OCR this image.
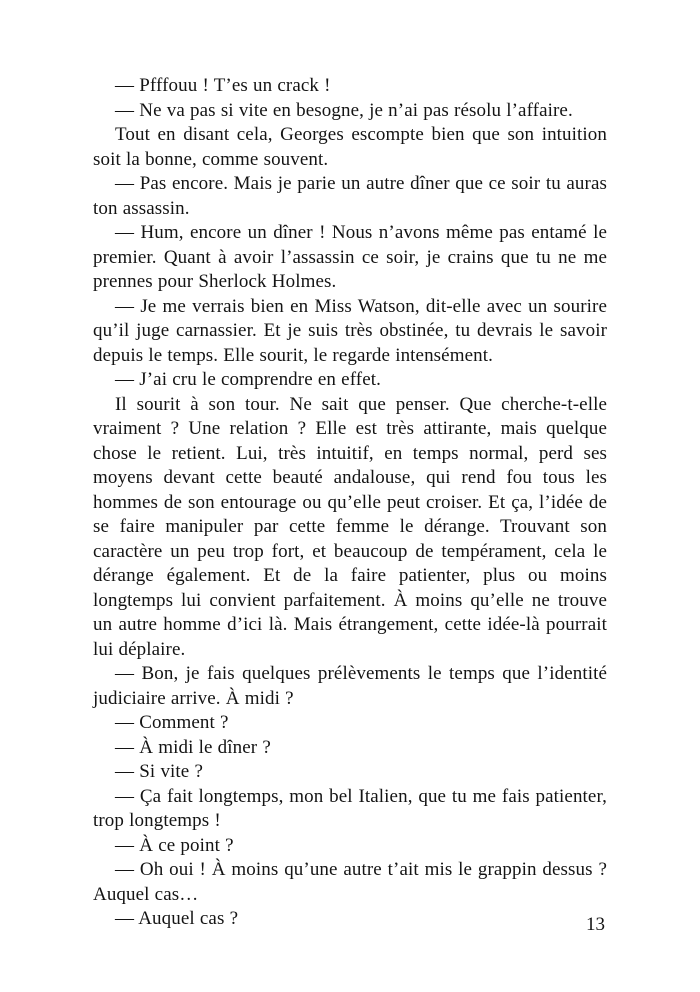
— Pfffouu ! T’es un crack !

— Ne va pas si vite en besogne, je n’ai pas résolu l’affaire.

Tout en disant cela, Georges escompte bien que son intuition soit la bonne, comme souvent.

— Pas encore. Mais je parie un autre dîner que ce soir tu auras ton assassin.

— Hum, encore un dîner ! Nous n’avons même pas entamé le premier. Quant à avoir l’assassin ce soir, je crains que tu ne me prennes pour Sherlock Holmes.

— Je me verrais bien en Miss Watson, dit-elle avec un sourire qu’il juge carnassier. Et je suis très obstinée, tu devrais le savoir depuis le temps. Elle sourit, le regarde intensément.

— J’ai cru le comprendre en effet.

Il sourit à son tour. Ne sait que penser. Que cherche-t-elle vraiment ? Une relation ? Elle est très attirante, mais quelque chose le retient. Lui, très intuitif, en temps normal, perd ses moyens devant cette beauté andalouse, qui rend fou tous les hommes de son entourage ou qu’elle peut croiser. Et ça, l’idée de se faire manipuler par cette femme le dérange. Trouvant son caractère un peu trop fort, et beaucoup de tempérament, cela le dérange également. Et de la faire patienter, plus ou moins longtemps lui convient parfaitement. À moins qu’elle ne trouve un autre homme d’ici là. Mais étrangement, cette idée-là pourrait lui déplaire.

— Bon, je fais quelques prélèvements le temps que l’identité judiciaire arrive. À midi ?

— Comment ?

— À midi le dîner ?

— Si vite ?

— Ça fait longtemps, mon bel Italien, que tu me fais patienter, trop longtemps !

— À ce point ?

— Oh oui ! À moins qu’une autre t’ait mis le grappin dessus ? Auquel cas…

— Auquel cas ?	13
